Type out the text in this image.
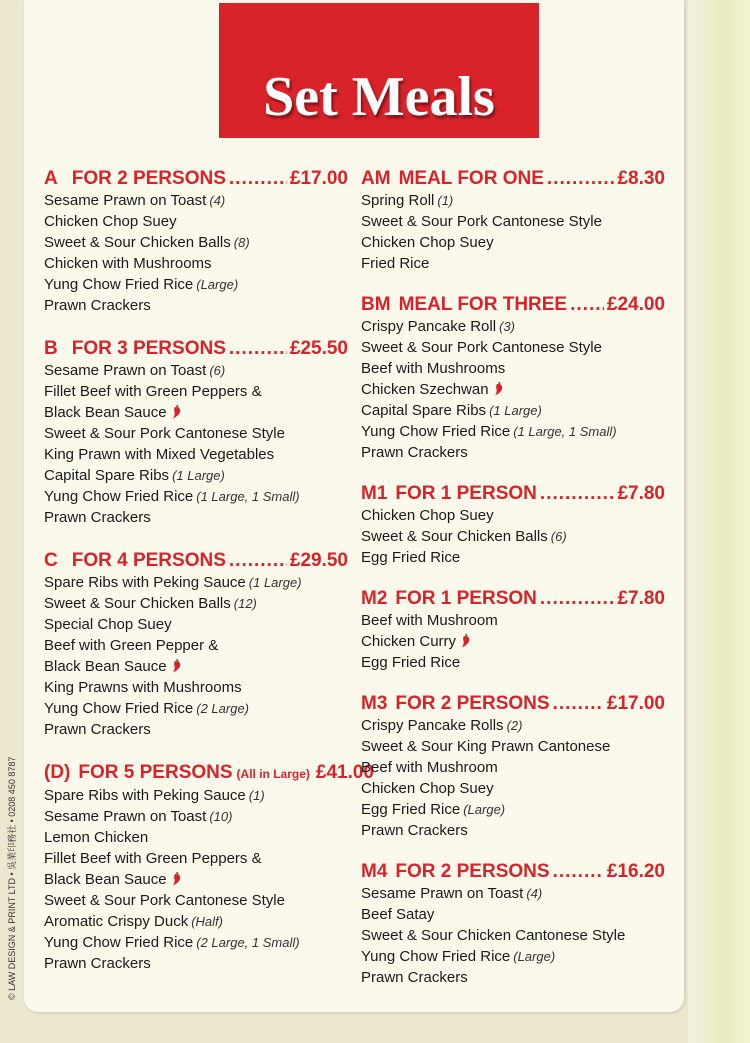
Set Meals
A FOR 2 PERSONS .....	£17.00
Sesame Prawn on Toast (4)
Chicken Chop Suey
Sweet & Sour Chicken Balls (8)
Chicken with Mushrooms
Yung Chow Fried Rice (Large)
Prawn Crackers
B FOR 3 PERSONS .....	£25.50
Sesame Prawn on Toast (6)
Fillet Beef with Green Peppers &
Black Bean Sauce
Sweet & Sour Pork Cantonese Style
King Prawn with Mixed Vegetables
Capital Spare Ribs (1 Large)
Yung Chow Fried Rice (1 Large, 1 Small)
Prawn Crackers
C FOR 4 PERSONS .....	£29.50
Spare Ribs with Peking Sauce (1 Large)
Sweet & Sour Chicken Balls (12)
Special Chop Suey
Beef with Green Pepper &
Black Bean Sauce
King Prawns with Mushrooms
Yung Chow Fried Rice (2 Large)
Prawn Crackers
(D) FOR 5 PERSONS (All in Large) £41.00
Spare Ribs with Peking Sauce (1)
Sesame Prawn on Toast (10)
Lemon Chicken
Fillet Beef with Green Peppers &
Black Bean Sauce
Sweet & Sour Pork Cantonese Style
Aromatic Crispy Duck (Half)
Yung Chow Fried Rice (2 Large, 1 Small)
Prawn Crackers
AM MEAL FOR ONE .....	£8.30
Spring Roll (1)
Sweet & Sour Pork Cantonese Style
Chicken Chop Suey
Fried Rice
BM MEAL FOR THREE ..... £24.00
Crispy Pancake Roll (3)
Sweet & Sour Pork Cantonese Style
Beef with Mushrooms
Chicken Szechwan
Capital Spare Ribs (1 Large)
Yung Chow Fried Rice (1 Large, 1 Small)
Prawn Crackers
M1 FOR 1 PERSON .....	£7.80
Chicken Chop Suey
Sweet & Sour Chicken Balls (6)
Egg Fried Rice
M2 FOR 1 PERSON .....	£7.80
Beef with Mushroom
Chicken Curry
Egg Fried Rice
M3 FOR 2 PERSONS .....	£17.00
Crispy Pancake Rolls (2)
Sweet & Sour King Prawn Cantonese
Beef with Mushroom
Chicken Chop Suey
Egg Fried Rice (Large)
Prawn Crackers
M4 FOR 2 PERSONS .....	£16.20
Sesame Prawn on Toast (4)
Beef Satay
Sweet & Sour Chicken Cantonese Style
Yung Chow Fried Rice (Large)
Prawn Crackers
© LAW DESIGN & PRINT LTD • 吳業印務社 • 0208 450 8787
